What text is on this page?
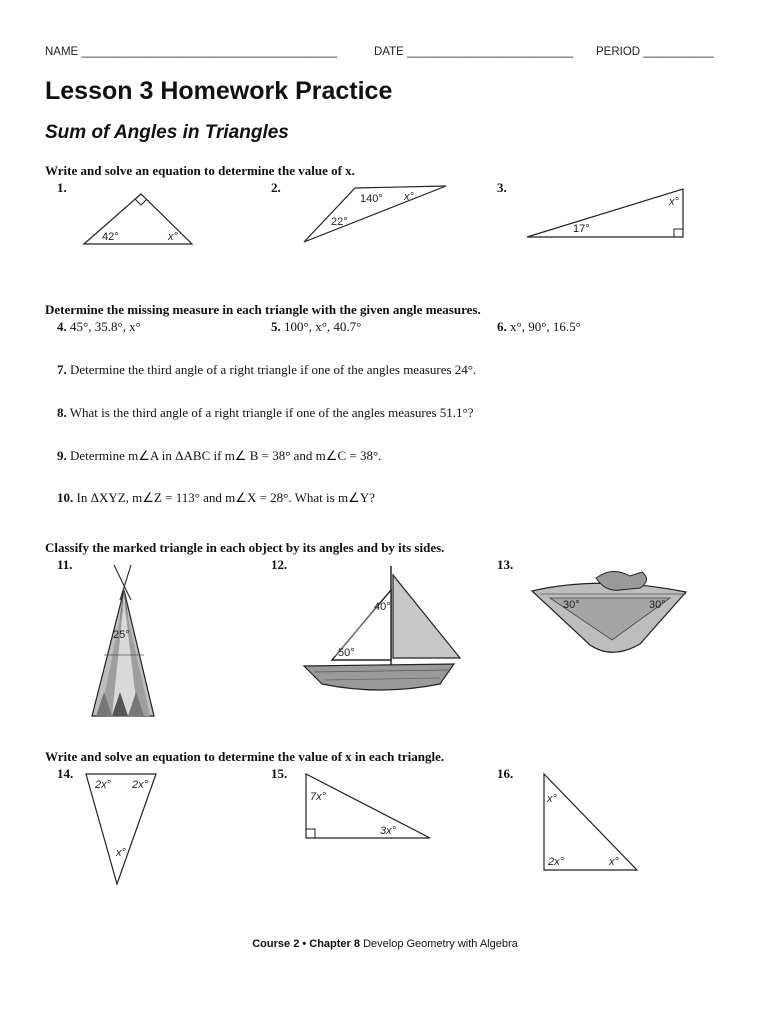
NAME ________________________________________	DATE __________________________ PERIOD ___________
Lesson 3 Homework Practice
Sum of Angles in Triangles
Write and solve an equation to determine the value of x.
1.	2.	3.
42°	x°
140° x°
22°
x°
17°
Determine the missing measure in each triangle with the given angle measures.
4. 45°, 35.8°, x°	5. 100°, x°, 40.7°	6. x°, 90°, 16.5°
7. Determine the third angle of a right triangle if one of the angles measures 24°.
8. What is the third angle of a right triangle if one of the angles measures 51.1°?
9. Determine m∠A in ΔABC if m∠ B = 38° and m∠C = 38°.
10. In ΔXYZ, m∠Z = 113° and m∠X = 28°. What is m∠Y?
Classify the marked triangle in each object by its angles and by its sides.
11.	12.	13.
25°
40°
50°
30°	30°
Write and solve an equation to determine the value of x in each triangle.
14.	15.	16.
2x° 2x°
x°
7x°
3x°
x°
2x°	x°
Course 2 • Chapter 8 Develop Geometry with Algebra
